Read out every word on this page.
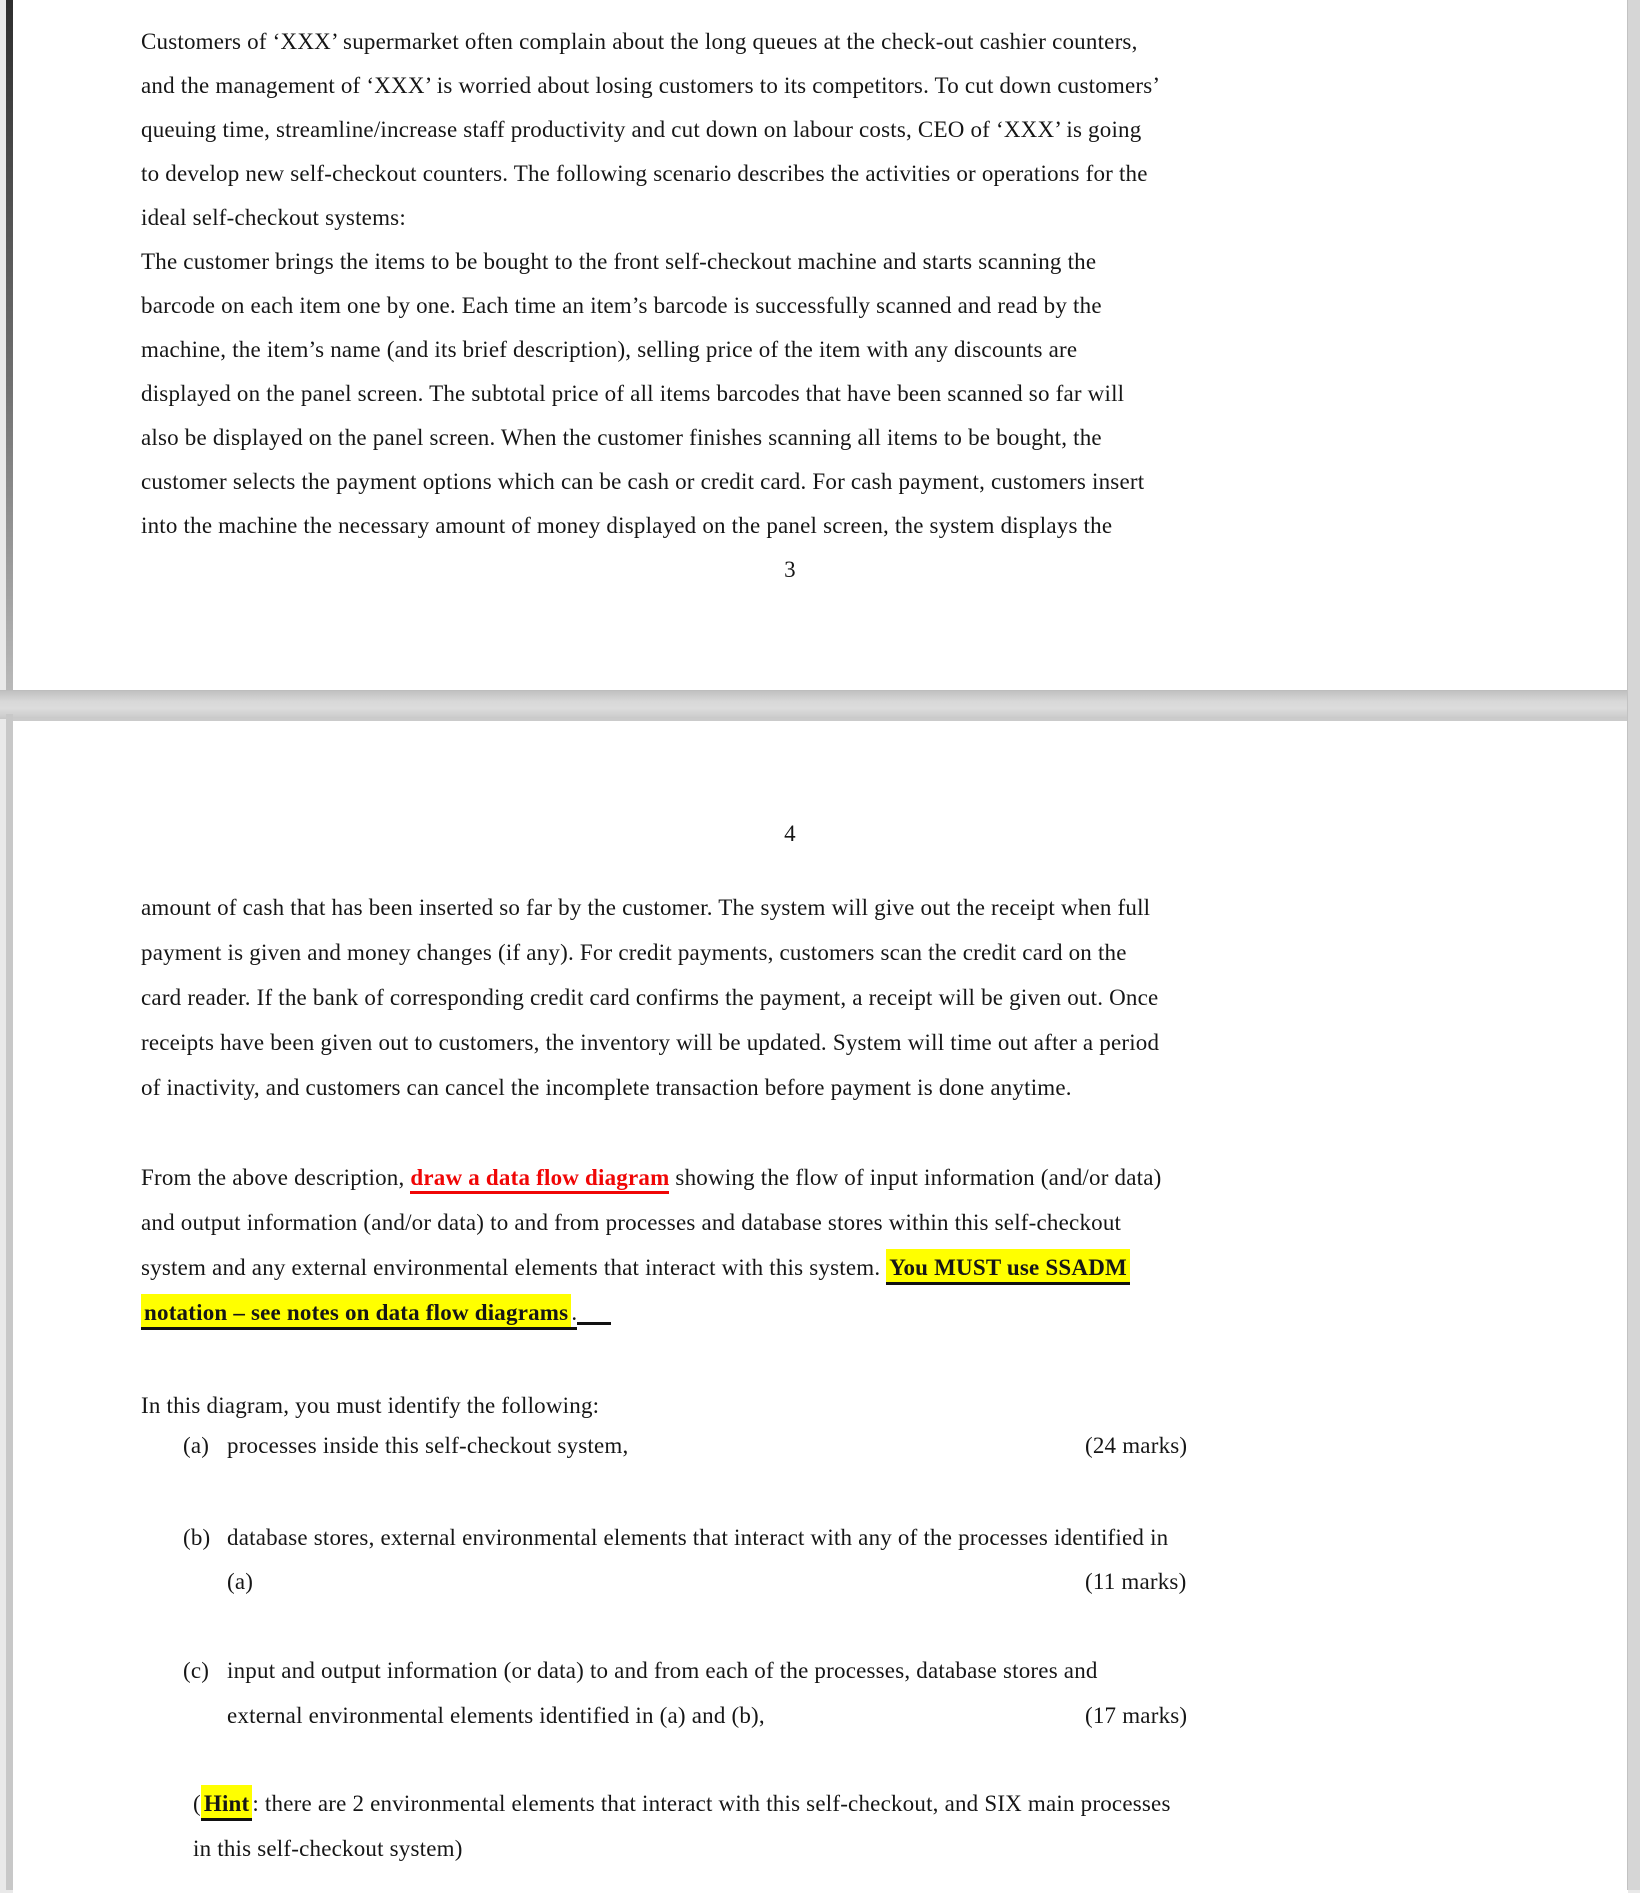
Customers of ‘XXX’ supermarket often complain about the long queues at the check-out cashier counters,
and the management of ‘XXX’ is worried about losing customers to its competitors. To cut down customers’
queuing time, streamline/increase staff productivity and cut down on labour costs, CEO of ‘XXX’ is going
to develop new self-checkout counters. The following scenario describes the activities or operations for the
ideal self-checkout systems:
The customer brings the items to be bought to the front self-checkout machine and starts scanning the
barcode on each item one by one. Each time an item’s barcode is successfully scanned and read by the
machine, the item’s name (and its brief description), selling price of the item with any discounts are
displayed on the panel screen. The subtotal price of all items barcodes that have been scanned so far will
also be displayed on the panel screen. When the customer finishes scanning all items to be bought, the
customer selects the payment options which can be cash or credit card. For cash payment, customers insert
into the machine the necessary amount of money displayed on the panel screen, the system displays the
3
4
amount of cash that has been inserted so far by the customer. The system will give out the receipt when full
payment is given and money changes (if any). For credit payments, customers scan the credit card on the
card reader. If the bank of corresponding credit card confirms the payment, a receipt will be given out. Once
receipts have been given out to customers, the inventory will be updated. System will time out after a period
of inactivity, and customers can cancel the incomplete transaction before payment is done anytime.
From the above description, draw a data flow diagram showing the flow of input information (and/or data)
and output information (and/or data) to and from processes and database stores within this self-checkout
system and any external environmental elements that interact with this system. You MUST use SSADM
notation – see notes on data flow diagrams .
In this diagram, you must identify the following:
(a) processes inside this self-checkout system,	(24 marks)
(b) database stores, external environmental elements that interact with any of the processes identified in
(a)	(11 marks)
(c) input and output information (or data) to and from each of the processes, database stores and
external environmental elements identified in (a) and (b),	(17 marks)
( Hint : there are 2 environmental elements that interact with this self-checkout, and SIX main processes
in this self-checkout system)
